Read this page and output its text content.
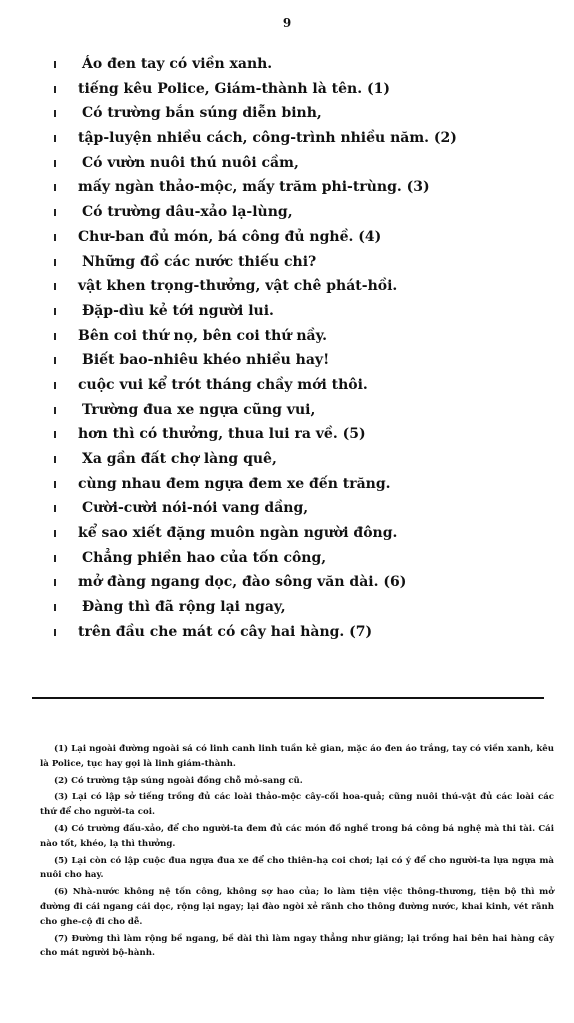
9
Áo đen tay có viền xanh.
tiếng kêu Police, Giám-thành là tên. (1)
Có trường bắn súng diễn binh,
tập-luyện nhiều cách, công-trình nhiều năm. (2)
Có vườn nuôi thú nuôi cầm,
mấy ngàn thảo-mộc, mấy trăm phi-trùng. (3)
Có trường dâu-xảo lạ-lùng,
Chư-ban đủ món, bá công đủ nghề. (4)
Những đồ các nước thiếu chi?
vật khen trọng-thưởng, vật chê phát-hồi.
Đặp-dìu kẻ tới người lui.
Bên coi thứ nọ, bên coi thứ nầy.
Biết bao-nhiêu khéo nhiều hay!
cuộc vui kể trót tháng chầy mới thôi.
Trường đua xe ngựa cũng vui,
hơn thì có thưởng, thua lui ra về. (5)
Xa gần đất chợ làng quê,
cùng nhau đem ngựa đem xe đến trăng.
Cười-cười nói-nói vang dầng,
kể sao xiết đặng muôn ngàn người đông.
Chẳng phiền hao của tốn công,
mở đàng ngang dọc, đào sông văn dài. (6)
Đàng thì đã rộng lại ngay,
trên đầu che mát có cây hai hàng. (7)

(1) Lại ngoài đường ngoài sá có linh canh linh tuần kẻ gian, mặc áo đen áo trắng, tay có viền xanh, kêu là Police, tục hay gọi là linh giám-thành.

(2) Có trường tập súng ngoài đồng chỗ mỏ-sang cũ.

(3) Lại có lập sở tiếng trồng đủ các loài thảo-mộc cây-cối hoa-quả; cũng nuôi thú-vật đủ các loài các thứ để cho người-ta coi.

(4) Có trường đấu-xảo, để cho người-ta đem đủ các món đồ nghề trong bá công bá nghệ mà thi tài. Cái nào tốt, khéo, lạ thì thưởng.

(5) Lại còn có lập cuộc đua ngựa đua xe để cho thiên-hạ coi chơi; lại có ý để cho người-ta lựa ngựa mà nuôi cho hay.

(6) Nhà-nước không nệ tốn công, không sợ hao của; lo làm tiện việc thông-thương, tiện bộ thì mở đường đi cái ngang cái dọc, rộng lại ngay; lại đào ngòi xẻ rãnh cho thông đường nước, khai kinh, vét rãnh cho ghe-cộ đi cho dễ.

(7) Đường thì làm rộng bề ngang, bề dài thì làm ngay thẳng như giăng; lại trồng hai bên hai hàng cây cho mát người bộ-hành.
